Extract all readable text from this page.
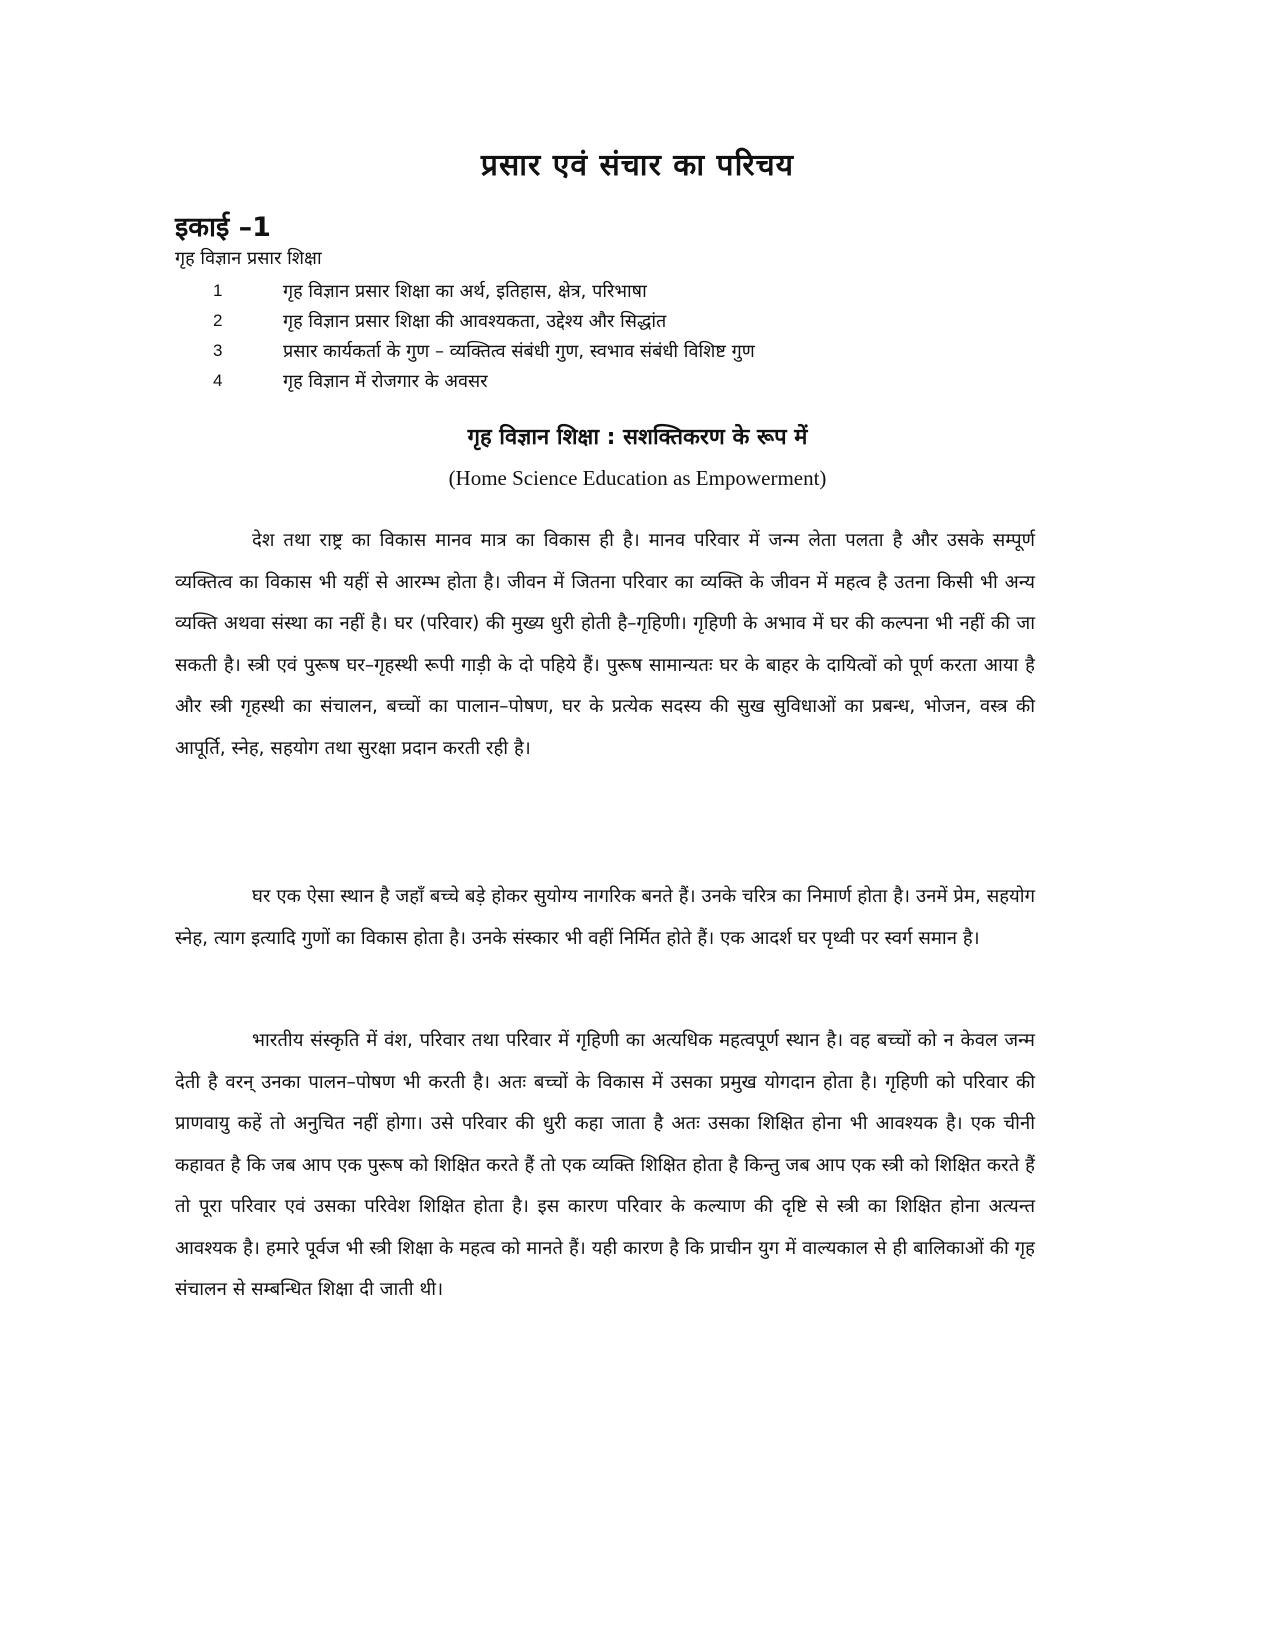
प्रसार एवं संचार का परिचय
इकाई –1
गृह विज्ञान प्रसार शिक्षा
1	गृह विज्ञान प्रसार शिक्षा का अर्थ, इतिहास, क्षेत्र, परिभाषा
2	गृह विज्ञान प्रसार शिक्षा की आवश्यकता, उद्देश्य और सिद्धांत
3	प्रसार कार्यकर्ता के गुण – व्यक्तित्व संबंधी गुण, स्वभाव संबंधी विशिष्ट गुण
4	गृह विज्ञान में रोजगार के अवसर
गृह विज्ञान शिक्षा : सशक्तिकरण के रूप में
(Home Science Education as Empowerment)

देश तथा राष्ट्र का विकास मानव मात्र का विकास ही है। मानव परिवार में जन्म लेता पलता है और उसके सम्पूर्ण व्यक्तित्व का विकास भी यहीं से आरम्भ होता है। जीवन में जितना परिवार का व्यक्ति के जीवन में महत्व है उतना किसी भी अन्य व्यक्ति अथवा संस्था का नहीं है। घर (परिवार) की मुख्य धुरी होती है–गृहिणी। गृहिणी के अभाव में घर की कल्पना भी नहीं की जा सकती है। स्त्री एवं पुरूष घर–गृहस्थी रूपी गाड़ी के दो पहिये हैं। पुरूष सामान्यतः घर के बाहर के दायित्वों को पूर्ण करता आया है और स्त्री गृहस्थी का संचालन, बच्चों का पालान–पोषण, घर के प्रत्येक सदस्य की सुख सुविधाओं का प्रबन्ध, भोजन, वस्त्र की आपूर्ति, स्नेह, सहयोग तथा सुरक्षा प्रदान करती रही है।

घर एक ऐसा स्थान है जहॉं बच्चे बड़े होकर सुयोग्य नागरिक बनते हैं। उनके चरित्र का निमार्ण होता है। उनमें प्रेम, सहयोग स्नेह, त्याग इत्यादि गुणों का विकास होता है। उनके संस्कार भी वहीं निर्मित होते हैं। एक आदर्श घर पृथ्वी पर स्वर्ग समान है।

भारतीय संस्कृति में वंश, परिवार तथा परिवार में गृहिणी का अत्यधिक महत्वपूर्ण स्थान है। वह बच्चों को न केवल जन्म देती है वरन् उनका पालन–पोषण भी करती है। अतः बच्चों के विकास में उसका प्रमुख योगदान होता है। गृहिणी को परिवार की प्राणवायु कहें तो अनुचित नहीं होगा। उसे परिवार की धुरी कहा जाता है अतः उसका शिक्षित होना भी आवश्यक है। एक चीनी कहावत है कि जब आप एक पुरूष को शिक्षित करते हैं तो एक व्यक्ति शिक्षित होता है किन्तु जब आप एक स्त्री को शिक्षित करते हैं तो पूरा परिवार एवं उसका परिवेश शिक्षित होता है। इस कारण परिवार के कल्याण की दृष्टि से स्त्री का शिक्षित होना अत्यन्त आवश्यक है। हमारे पूर्वज भी स्त्री शिक्षा के महत्व को मानते हैं। यही कारण है कि प्राचीन युग में वाल्यकाल से ही बालिकाओं की गृह संचालन से सम्बन्धित शिक्षा दी जाती थी।
